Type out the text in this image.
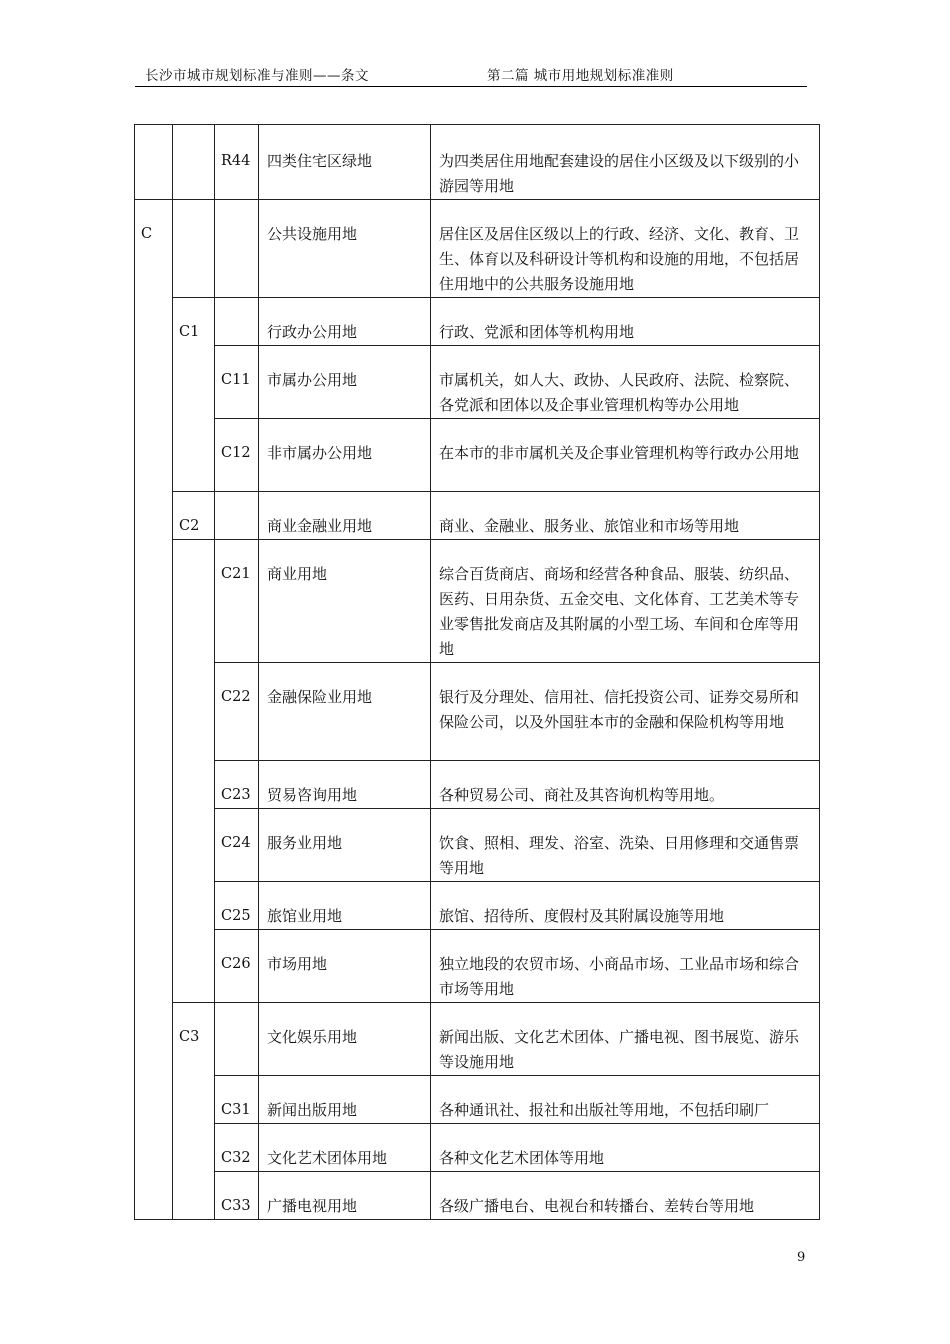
长沙市城市规划标准与准则——条文	第二篇 城市用地规划标准准则

		R44	四类住宅区绿地	为四类居住用地配套建设的居住小区级及以下级别的小游园等用地

C			公共设施用地	居住区及居住区级以上的行政、经济、文化、教育、卫生、体育以及科研设计等机构和设施的用地，不包括居住用地中的公共服务设施用地

	C1		行政办公用地	行政、党派和团体等机构用地

		C11	市属办公用地	市属机关，如人大、政协、人民政府、法院、检察院、各党派和团体以及企事业管理机构等办公用地

		C12	非市属办公用地	在本市的非市属机关及企事业管理机构等行政办公用地

	C2		商业金融业用地	商业、金融业、服务业、旅馆业和市场等用地

		C21	商业用地	综合百货商店、商场和经营各种食品、服装、纺织品、医药、日用杂货、五金交电、文化体育、工艺美术等专业零售批发商店及其附属的小型工场、车间和仓库等用地

		C22	金融保险业用地	银行及分理处、信用社、信托投资公司、证券交易所和保险公司，以及外国驻本市的金融和保险机构等用地

		C23	贸易咨询用地	各种贸易公司、商社及其咨询机构等用地。

		C24	服务业用地	饮食、照相、理发、浴室、洗染、日用修理和交通售票等用地

		C25	旅馆业用地	旅馆、招待所、度假村及其附属设施等用地

		C26	市场用地	独立地段的农贸市场、小商品市场、工业品市场和综合市场等用地

	C3		文化娱乐用地	新闻出版、文化艺术团体、广播电视、图书展览、游乐等设施用地

		C31	新闻出版用地	各种通讯社、报社和出版社等用地，不包括印刷厂

		C32	文化艺术团体用地	各种文化艺术团体等用地

		C33	广播电视用地	各级广播电台、电视台和转播台、差转台等用地
9
